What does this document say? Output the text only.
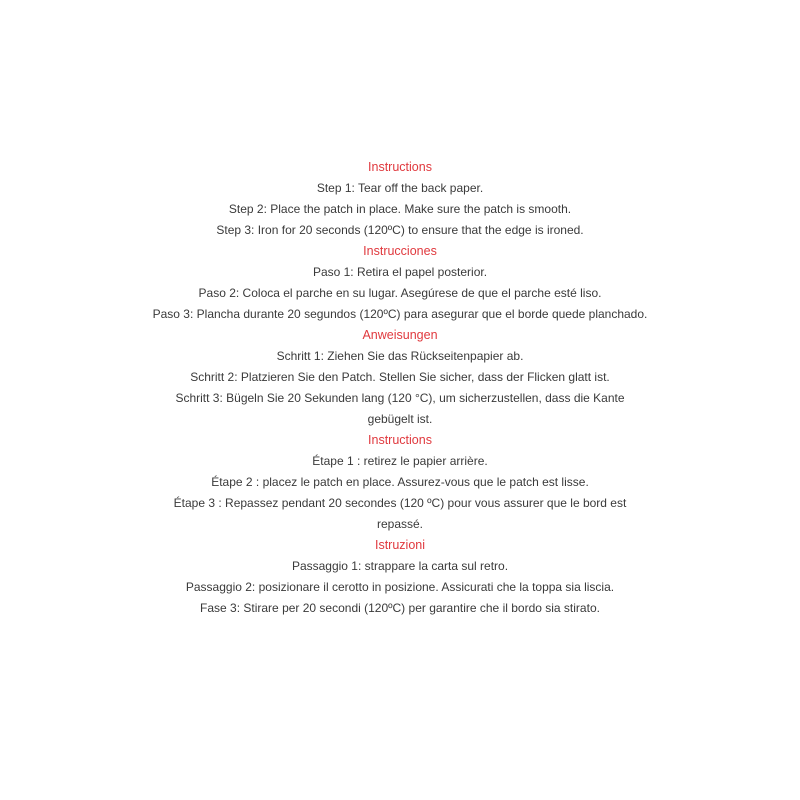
Instructions
Step 1: Tear off the back paper.
Step 2: Place the patch in place. Make sure the patch is smooth.
Step 3: Iron for 20 seconds (120ºC) to ensure that the edge is ironed.
Instrucciones
Paso 1: Retira el papel posterior.
Paso 2: Coloca el parche en su lugar. Asegúrese de que el parche esté liso.
Paso 3: Plancha durante 20 segundos (120ºC) para asegurar que el borde quede planchado.
Anweisungen
Schritt 1: Ziehen Sie das Rückseitenpapier ab.
Schritt 2: Platzieren Sie den Patch. Stellen Sie sicher, dass der Flicken glatt ist.
Schritt 3: Bügeln Sie 20 Sekunden lang (120 °C), um sicherzustellen, dass die Kante gebügelt ist.
Instructions
Étape 1 : retirez le papier arrière.
Étape 2 : placez le patch en place. Assurez-vous que le patch est lisse.
Étape 3 : Repassez pendant 20 secondes (120 ºC) pour vous assurer que le bord est repassé.
Istruzioni
Passaggio 1: strappare la carta sul retro.
Passaggio 2: posizionare il cerotto in posizione. Assicurati che la toppa sia liscia.
Fase 3: Stirare per 20 secondi (120ºC) per garantire che il bordo sia stirato.
